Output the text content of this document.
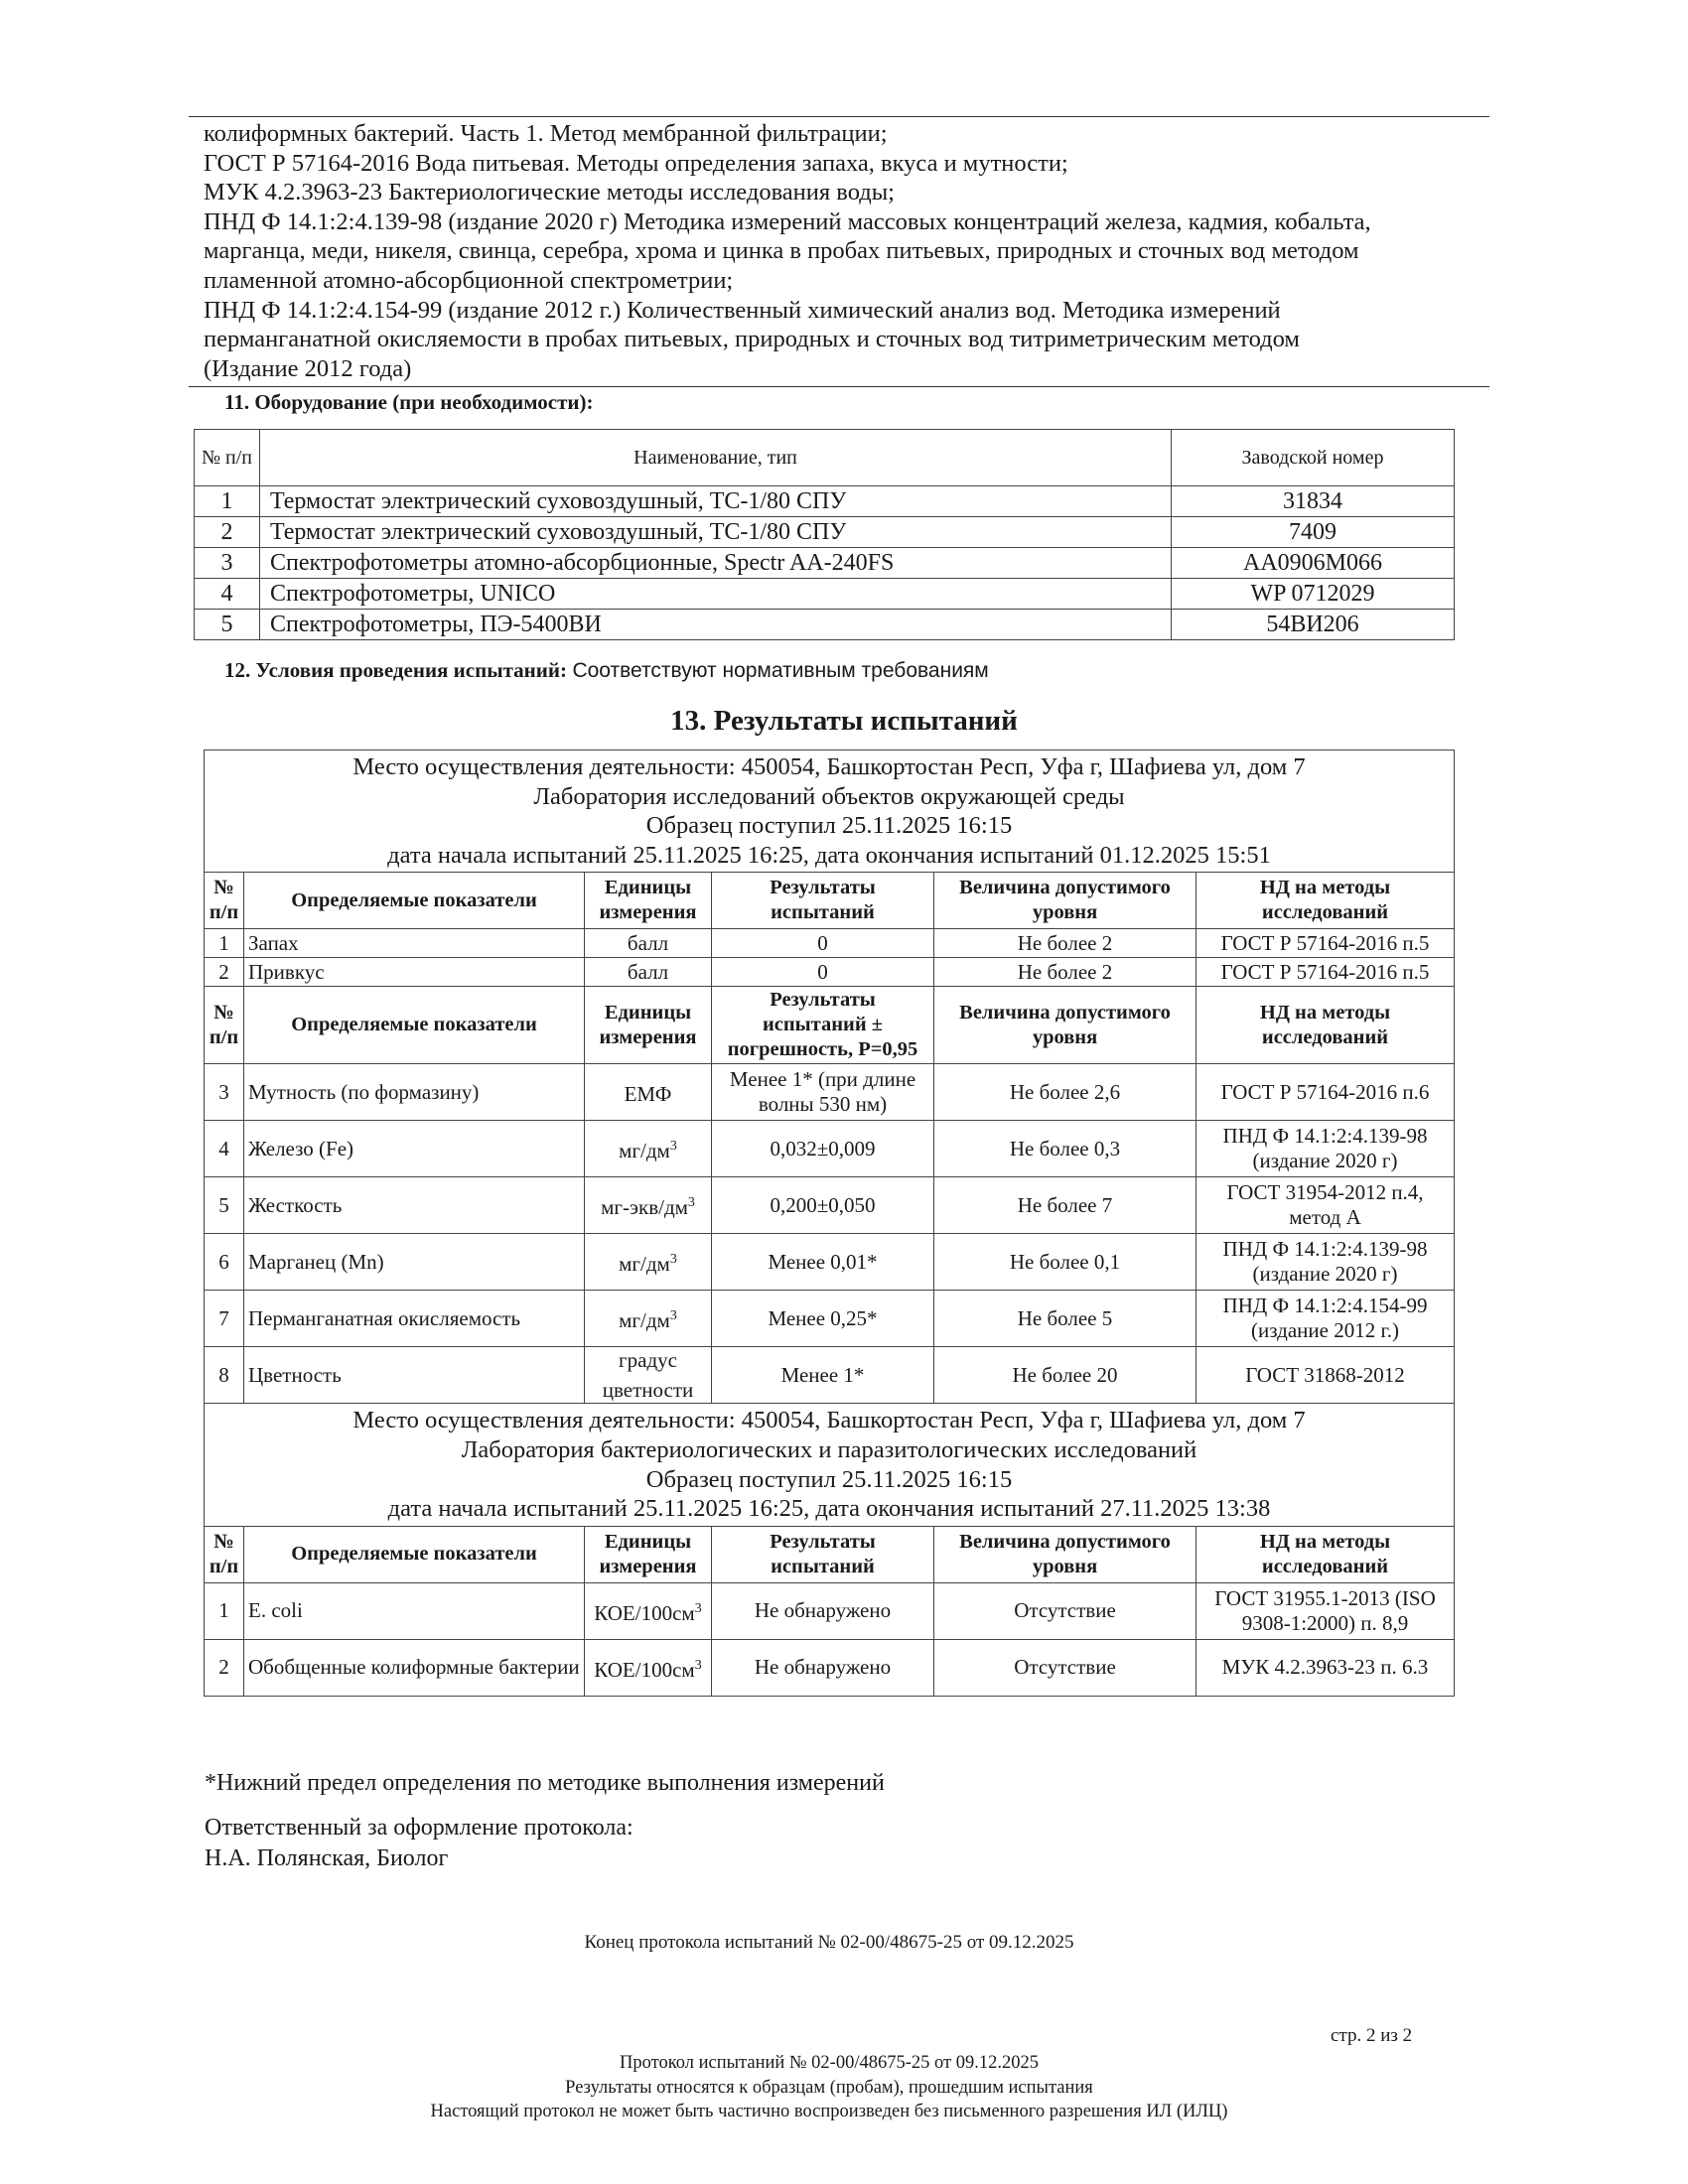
колиформных бактерий. Часть 1. Метод мембранной фильтрации;
ГОСТ Р 57164-2016 Вода питьевая. Методы определения запаха, вкуса и мутности;
МУК 4.2.3963-23 Бактериологические методы исследования воды;
ПНД Ф 14.1:2:4.139-98 (издание 2020 г) Методика измерений массовых концентраций железа, кадмия, кобальта,
марганца, меди, никеля, свинца, серебра, хрома и цинка в пробах питьевых, природных и сточных вод методом
пламенной атомно-абсорбционной спектрометрии;
ПНД Ф 14.1:2:4.154-99 (издание 2012 г.) Количественный химический анализ вод. Методика измерений
перманганатной окисляемости в пробах питьевых, природных и сточных вод титриметрическим методом
(Издание 2012 года)
11. Оборудование (при необходимости):
№ п/п	Наименование, тип	Заводской номер
1	Термостат электрический суховоздушный, ТС-1/80 СПУ	31834
2	Термостат электрический суховоздушный, ТС-1/80 СПУ	7409
3	Спектрофотометры атомно-абсорбционные, Spectr AA-240FS	AA0906M066
4	Спектрофотометры, UNICO	WP 0712029
5	Спектрофотометры, ПЭ-5400ВИ	54ВИ206
12. Условия проведения испытаний: Соответствуют нормативным требованиям
13. Результаты испытаний
Место осуществления деятельности: 450054, Башкортостан Респ, Уфа г, Шафиева ул, дом 7
Лаборатория исследований объектов окружающей среды
Образец поступил 25.11.2025 16:15
дата начала испытаний 25.11.2025 16:25, дата окончания испытаний 01.12.2025 15:51					

№ п/п	Определяемые показатели	Единицы измерения	Результаты испытаний	Величина допустимого уровня	НД на методы исследований
1	Запах	балл	0	Не более 2	ГОСТ Р 57164-2016 п.5
2	Привкус	балл	0	Не более 2	ГОСТ Р 57164-2016 п.5
№ п/п	Определяемые показатели	Единицы измерения	Результаты испытаний ± погрешность, Р=0,95	Величина допустимого уровня	НД на методы исследований
3	Мутность (по формазину)	ЕМФ	Менее 1* (при длине волны 530 нм)	Не более 2,6	ГОСТ Р 57164-2016 п.6
4	Железо (Fe)	$мг/дм^3$	0,032±0,009	Не более 0,3	ПНД Ф 14.1:2:4.139-98 (издание 2020 г)
5	Жесткость	$мг-экв/дм^3$	0,200±0,050	Не более 7	ГОСТ 31954-2012 п.4, метод А
6	Марганец (Mn)	$мг/дм^3$	Менее 0,01*	Не более 0,1	ПНД Ф 14.1:2:4.139-98 (издание 2020 г)
7	Перманганатная окисляемость	$мг/дм^3$	Менее 0,25*	Не более 5	ПНД Ф 14.1:2:4.154-99 (издание 2012 г.)
8	Цветность	градус цветности	Менее 1*	Не более 20	ГОСТ 31868-2012

Место осуществления деятельности: 450054, Башкортостан Респ, Уфа г, Шафиева ул, дом 7
Лаборатория бактериологических и паразитологических исследований
Образец поступил 25.11.2025 16:15
дата начала испытаний 25.11.2025 16:25, дата окончания испытаний 27.11.2025 13:38					

№ п/п	Определяемые показатели	Единицы измерения	Результаты испытаний	Величина допустимого уровня	НД на методы исследований
1	E. coli	КОЕ/$100см^3$	Не обнаружено	Отсутствие	ГОСТ 31955.1-2013 (ISO 9308-1:2000) п. 8,9
2	Обобщенные колиформные бактерии	КОЕ/$100см^3$	Не обнаружено	Отсутствие	МУК 4.2.3963-23 п. 6.3
*Нижний предел определения по методике выполнения измерений
Ответственный за оформление протокола:
Н.А. Полянская, Биолог
Конец протокола испытаний № 02-00/48675-25 от 09.12.2025
стр. 2 из 2
Протокол испытаний № 02-00/48675-25 от 09.12.2025
Результаты относятся к образцам (пробам), прошедшим испытания
Настоящий протокол не может быть частично воспроизведен без письменного разрешения ИЛ (ИЛЦ)
